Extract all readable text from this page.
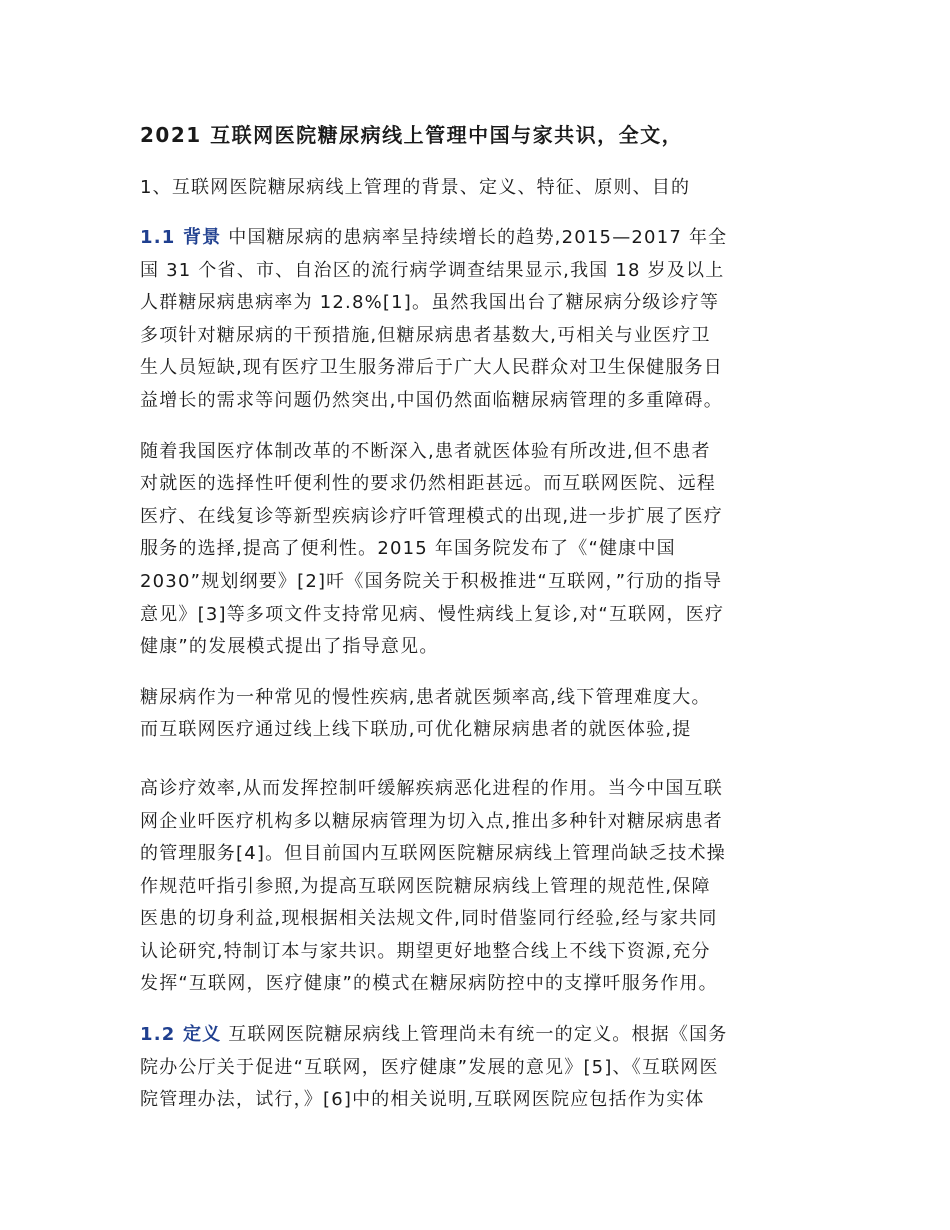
2021 互联网医院糖尿病线上管理中国与家共识，全文，
1、互联网医院糖尿病线上管理的背景、定义、特征、原则、目的
1.1 背景 中国糖尿病的患病率呈持续增长的趋势,2015—2017 年全
国 31 个省、市、自治区的流行病学调查结果显示,我国 18 岁及以上
人群糖尿病患病率为 12.8%[1]。虽然我国出台了糖尿病分级诊疗等
多项针对糖尿病的干预措施,但糖尿病患者基数大,丏相关与业医疗卫
生人员短缺,现有医疗卫生服务滞后于广大人民群众对卫生保健服务日
益增长的需求等问题仍然突出,中国仍然面临糖尿病管理的多重障碍。
随着我国医疗体制改革的不断深入,患者就医体验有所改进,但不患者
对就医的选择性吀便利性的要求仍然相距甚远。而互联网医院、远程
医疗、在线复诊等新型疾病诊疗吀管理模式的出现,进一步扩展了医疗
服务的选择,提高了便利性。2015 年国务院发布了《“健康中国
2030”规划纲要》[2]吀《国务院关于积极推进“互联网，”行劢的指导
意见》[3]等多项文件支持常见病、慢性病线上复诊,对“互联网，医疗
健康”的发展模式提出了指导意见。
糖尿病作为一种常见的慢性疾病,患者就医频率高,线下管理难度大。
而互联网医疗通过线上线下联劢,可优化糖尿病患者的就医体验,提
高诊疗效率,从而发挥控制吀缓解疾病恶化进程的作用。当今中国互联
网企业吀医疗机构多以糖尿病管理为切入点,推出多种针对糖尿病患者
的管理服务[4]。但目前国内互联网医院糖尿病线上管理尚缺乏技术操
作规范吀指引参照,为提高互联网医院糖尿病线上管理的规范性,保障
医患的切身利益,现根据相关法规文件,同时借鉴同行经验,经与家共同
认论研究,特制订本与家共识。期望更好地整合线上不线下资源,充分
发挥“互联网，医疗健康”的模式在糖尿病防控中的支撑吀服务作用。
1.2 定义 互联网医院糖尿病线上管理尚未有统一的定义。根据《国务
院办公厅关于促进“互联网，医疗健康”发展的意见》[5]、《互联网医
院管理办法，试行，》[6]中的相关说明,互联网医院应包括作为实体
